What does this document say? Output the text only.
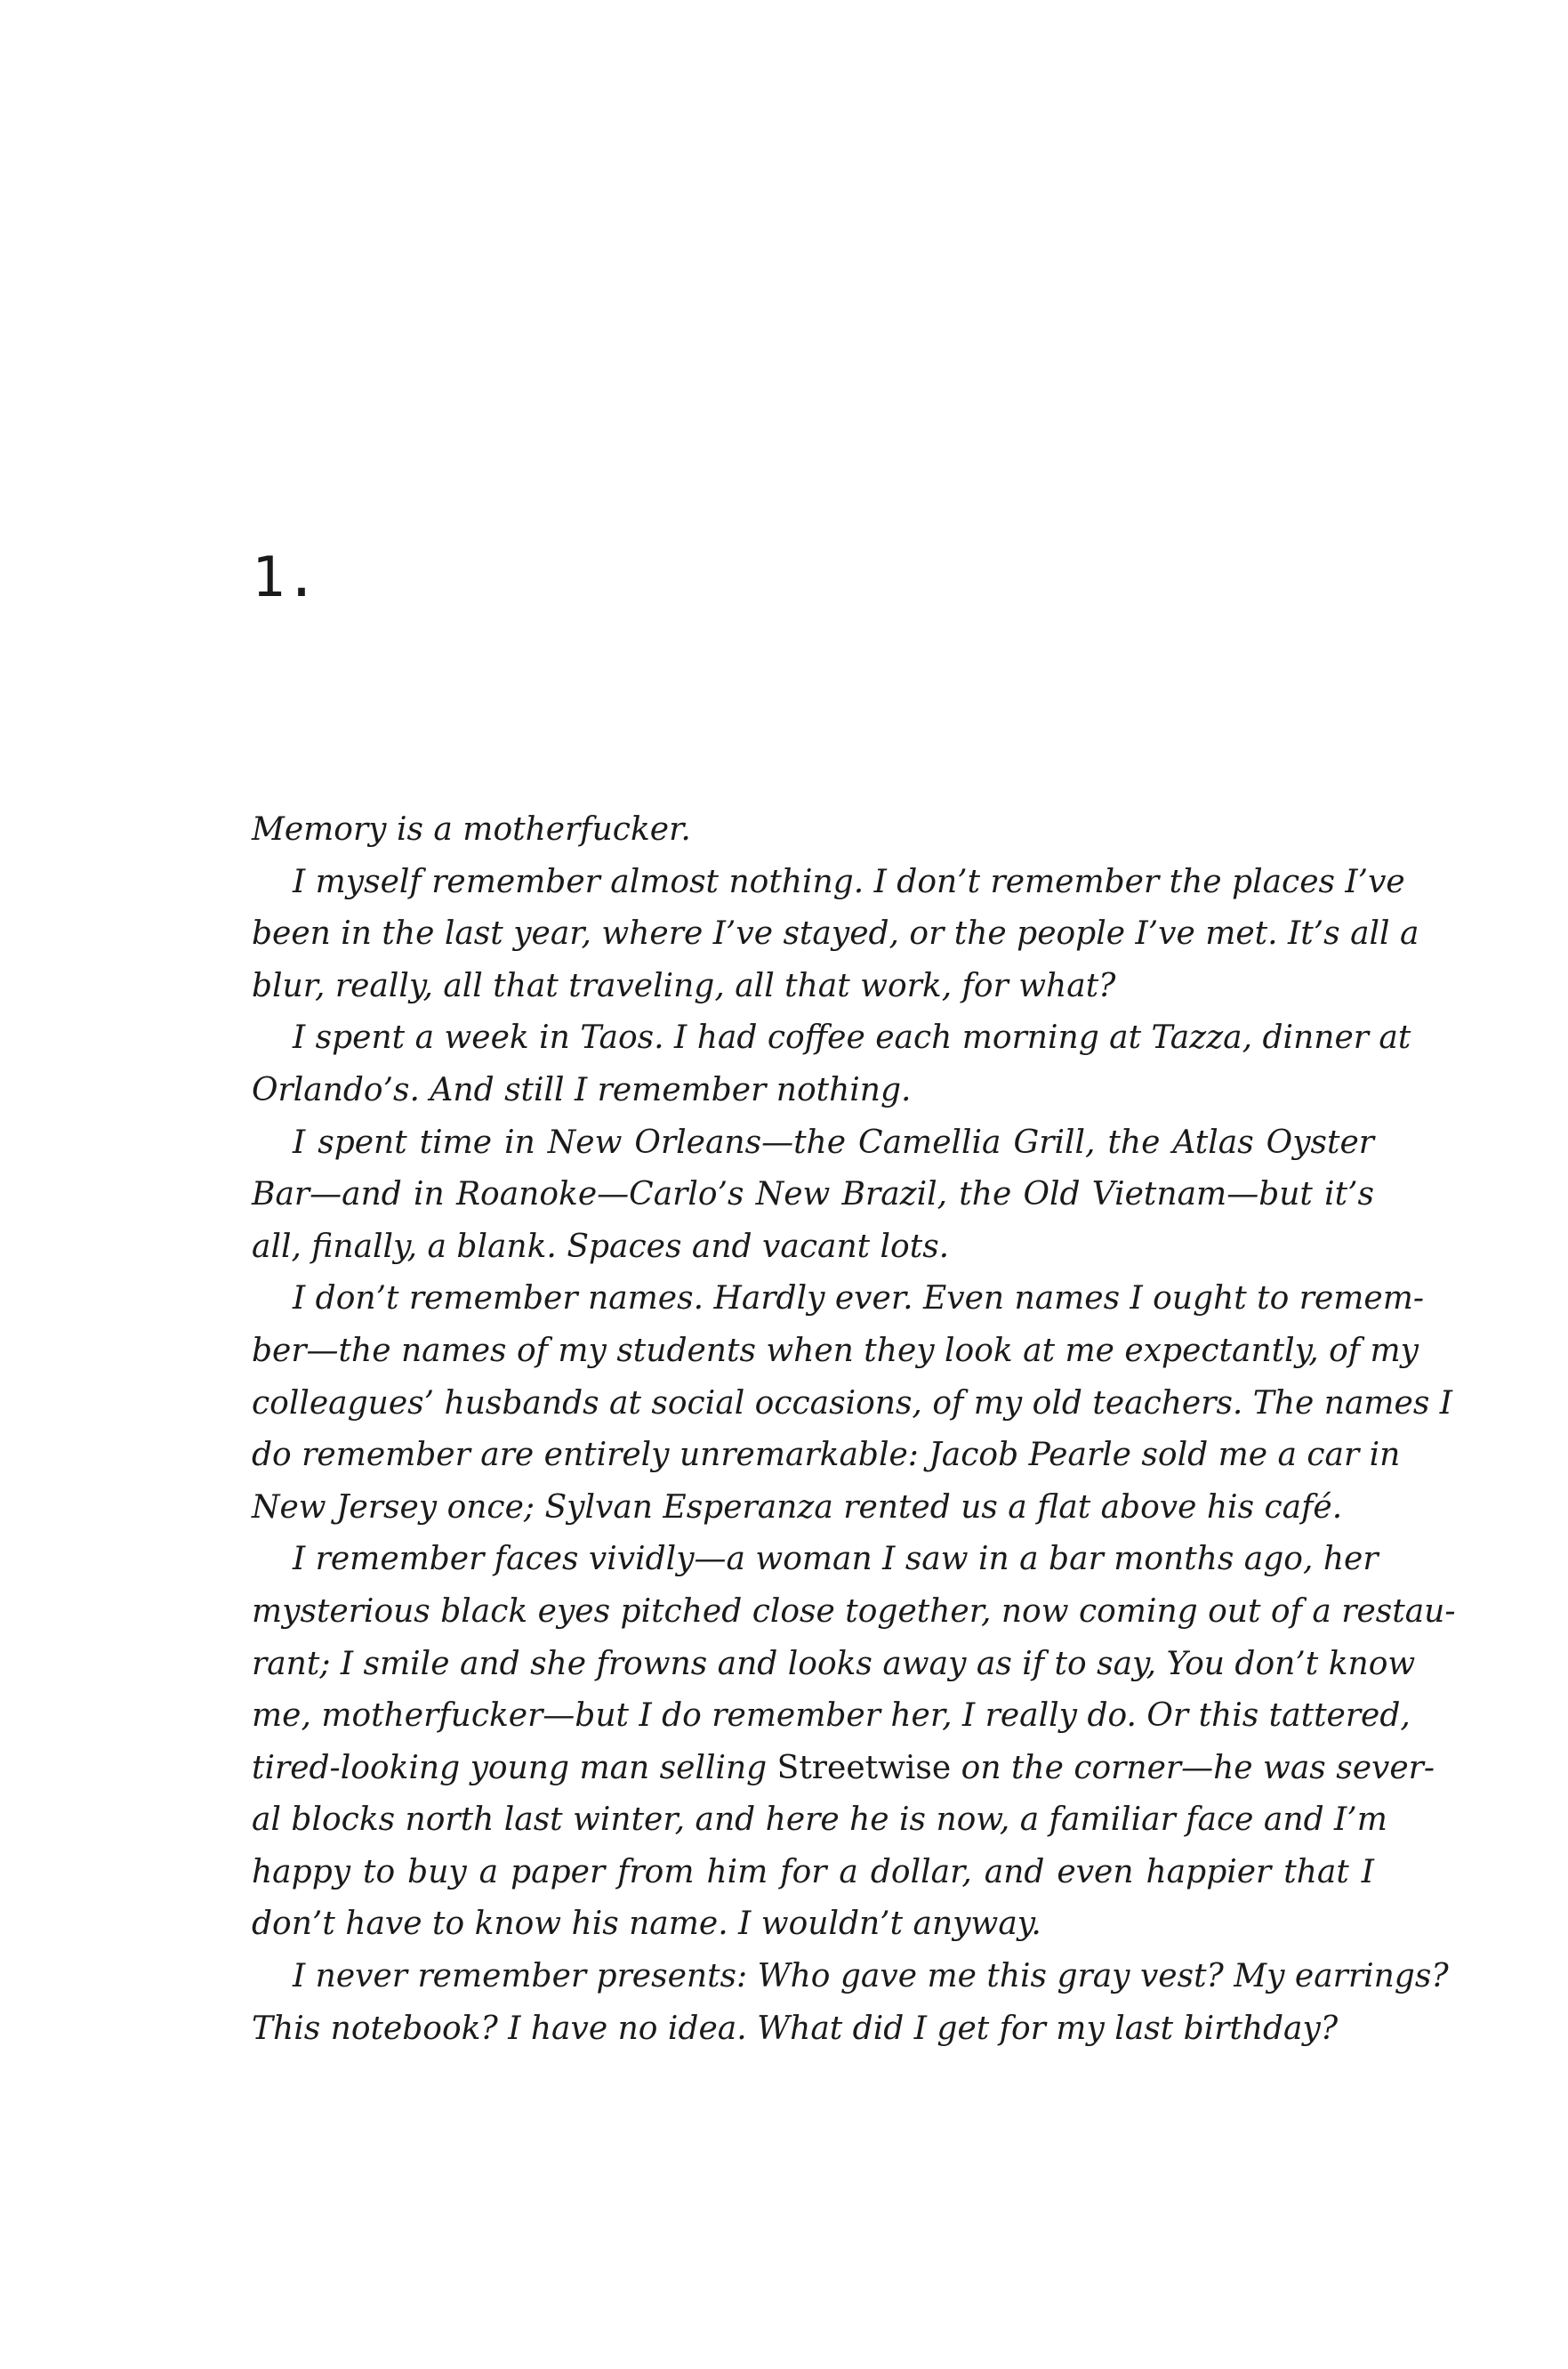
1.
Memory is a motherfucker.
I myself remember almost nothing. I don’t remember the places I’ve
been in the last year, where I’ve stayed, or the people I’ve met. It’s all a
blur, really, all that traveling, all that work, for what?
I spent a week in Taos. I had coffee each morning at Tazza, dinner at
Orlando’s. And still I remember nothing.
I spent time in New Orleans—the Camellia Grill, the Atlas Oyster
Bar—and in Roanoke—Carlo’s New Brazil, the Old Vietnam—but it’s
all, finally, a blank. Spaces and vacant lots.
I don’t remember names. Hardly ever. Even names I ought to remem-
ber—the names of my students when they look at me expectantly, of my
colleagues’ husbands at social occasions, of my old teachers. The names I
do remember are entirely unremarkable: Jacob Pearle sold me a car in
New Jersey once; Sylvan Esperanza rented us a flat above his café.
I remember faces vividly—a woman I saw in a bar months ago, her
mysterious black eyes pitched close together, now coming out of a restau-
rant; I smile and she frowns and looks away as if to say, You don’t know
me, motherfucker—but I do remember her, I really do. Or this tattered,
tired-looking young man selling Streetwise on the corner—he was sever-
al blocks north last winter, and here he is now, a familiar face and I’m
happy to buy a paper from him for a dollar, and even happier that I
don’t have to know his name. I wouldn’t anyway.
I never remember presents: Who gave me this gray vest? My earrings?
This notebook? I have no idea. What did I get for my last birthday?
